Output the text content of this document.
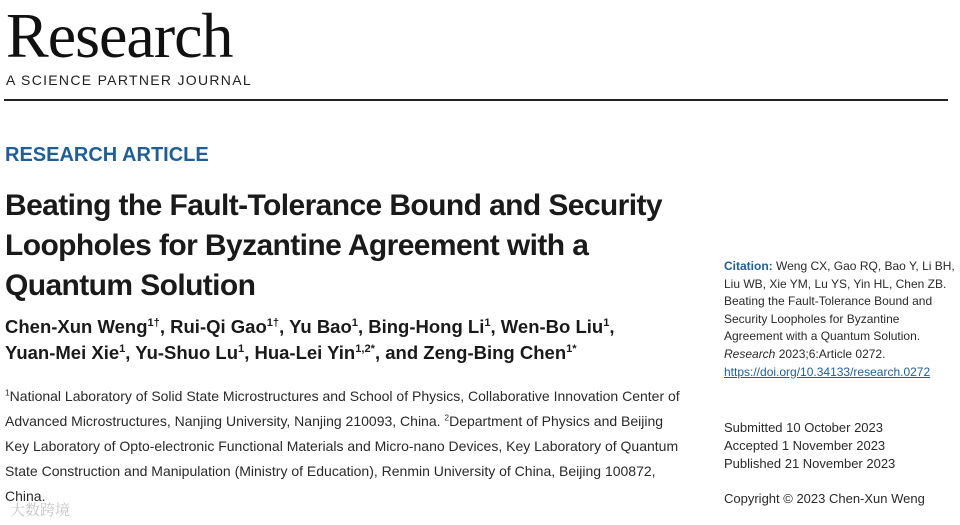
Research
A SCIENCE PARTNER JOURNAL
RESEARCH ARTICLE
Beating the Fault-Tolerance Bound and Security Loopholes for Byzantine Agreement with a Quantum Solution
Chen-Xun Weng$^{1\dagger}$, Rui-Qi Gao$^{1\dagger}$, Yu Bao$^1$, Bing-Hong Li$^1$, Wen-Bo Liu$^1$,
Yuan-Mei Xie$^1$, Yu-Shuo Lu$^1$, Hua-Lei Yin$^{1,2*}$, and Zeng-Bing Chen$^{1*}$
$^1$National Laboratory of Solid State Microstructures and School of Physics, Collaborative Innovation Center of Advanced Microstructures, Nanjing University, Nanjing 210093, China. $^2$Department of Physics and Beijing Key Laboratory of Opto-electronic Functional Materials and Micro-nano Devices, Key Laboratory of Quantum State Construction and Manipulation (Ministry of Education), Renmin University of China, Beijing 100872, China.
Citation: Weng CX, Gao RQ, Bao Y, Li BH, Liu WB, Xie YM, Lu YS, Yin HL, Chen ZB. Beating the Fault-Tolerance Bound and Security Loopholes for Byzantine Agreement with a Quantum Solution. Research 2023;6:Article 0272. https://doi.org/10.34133/research.0272
Submitted 10 October 2023
Accepted 1 November 2023
Published 21 November 2023
Copyright © 2023 Chen-Xun Weng
大数跨境
